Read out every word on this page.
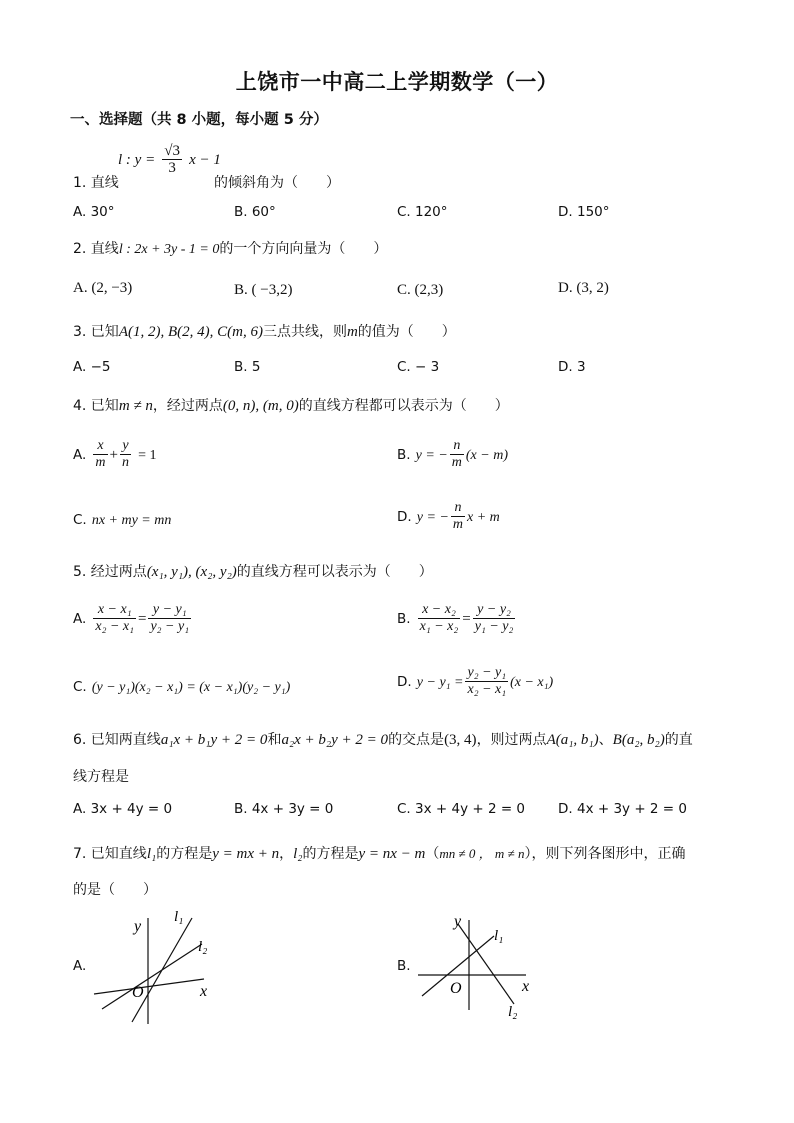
上饶市一中高二上学期数学（一）
一、选择题（共 8 小题，每小题 5 分）
1. 直线
l : $y = \frac{√3}{3}$ x − 1
的倾斜角为（　　）
A. 30°	B. 60°	C. 120°	D. 150°
2. 直线l : 2x + 3y - 1 = 0的一个方向向量为（　　）
A. (2, −3)	B. ( −3,2)	C. (2,3)	D. (3, 2)
3. 已知A(1, 2), B(2, 4), C(m, 6)三点共线，则m的值为（　　）
A. −5	B. 5	C. − 3	D. 3
4. 已知m ≠ n，经过两点(0, n), (m, 0)的直线方程都可以表示为（　　）
A. $\frac{x}{m} + \frac{y}{n} = 1$	B. y = − $\frac{n}{m} (x - m)$
C. nx + my = mn	D. y = − $\frac{n}{m}$ x + m
5. 经过两点(x₁, y₁), (x₂, y₂)的直线方程可以表示为（　　）
A. $\frac{\text{x − x₁}}{\text{x₂ − x₁}} = \frac{\text{y − y₁}}{\text{y₂ − y₁}}$	B. $\frac{\text{x − x₂}}{\text{x₁ − x₂}} = \frac{\text{y − y₂}}{\text{y₁ − y₂}}$
C. (y − y₁)(x₂ − x₁) = (x − x₁)(y₂ − y₁)	D. $y - y_1 = \frac{\text{y₂ − y₁}}{\text{x₂ − x₁}} (x - x_1)$
6. 已知两直线a₁x + b₁y + 2 = 0和a₂x + b₂y + 2 = 0的交点是(3, 4)，则过两点A(a₁, b₁)、B(a₂, b₂)的直
线方程是
A. 3x + 4y = 0	B. 4x + 3y = 0	C. 3x + 4y + 2 = 0 D. 4x + 3y + 2 = 0
7. 已知直线l₁的方程是y = mx + n，l₂的方程是y = nx − m（mn ≠ 0 ， m ≠ n），则下列各图形中，正确
的是（　　）
A.
y
x
O
l₁
l₂
B.
y
x
O
l₁
l₂
